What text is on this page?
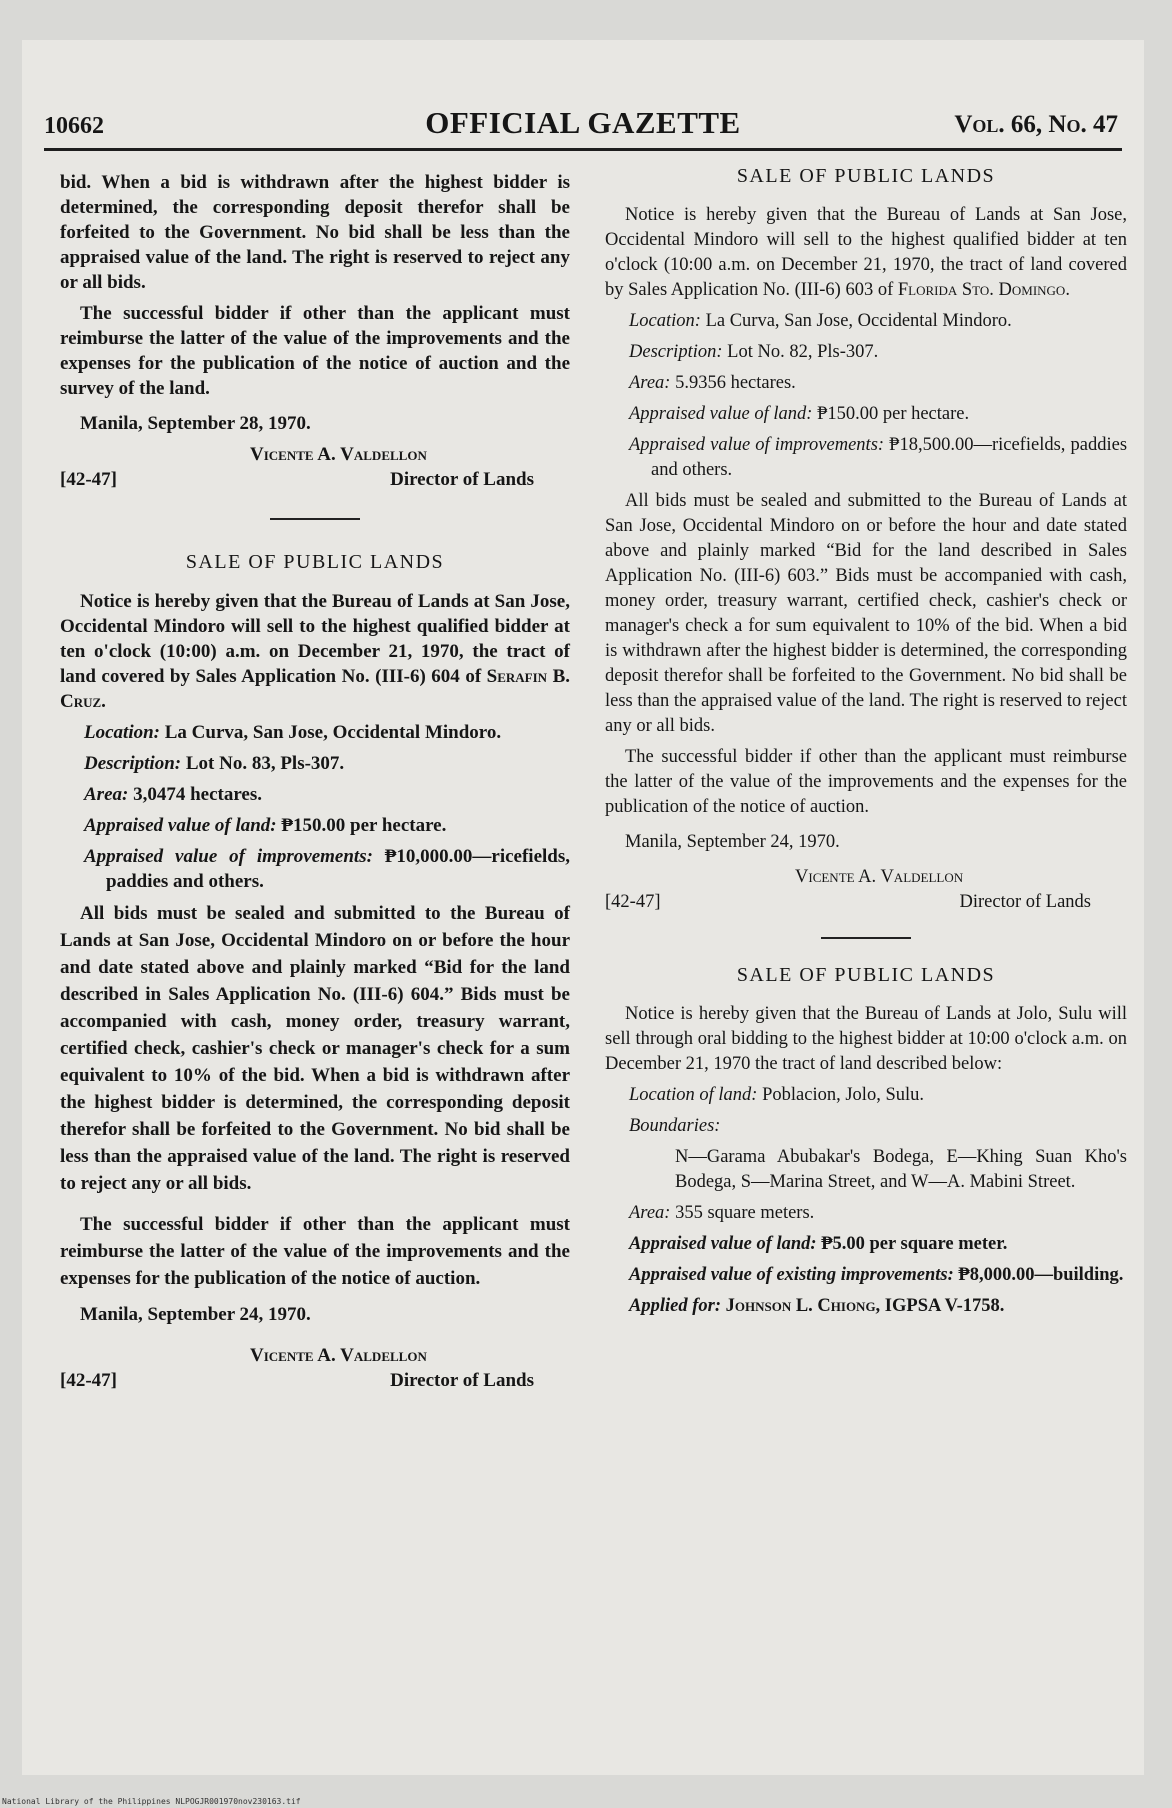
10662	OFFICIAL GAZETTE	Vol. 66, No. 47

bid. When a bid is withdrawn after the highest bidder is determined, the corresponding deposit therefor shall be forfeited to the Government. No bid shall be less than the appraised value of the land. The right is reserved to reject any or all bids.

The successful bidder if other than the applicant must reimburse the latter of the value of the improvements and the expenses for the publication of the notice of auction and the survey of the land.

Manila, September 28, 1970.

Vicente A. Valdellon

[42-47]	Director of Lands
SALE OF PUBLIC LANDS

Notice is hereby given that the Bureau of Lands at San Jose, Occidental Mindoro will sell to the highest qualified bidder at ten o'clock (10:00) a.m. on December 21, 1970, the tract of land covered by Sales Application No. (III-6) 604 of Serafin B. Cruz.

Location: La Curva, San Jose, Occidental Mindoro.

Description: Lot No. 83, Pls-307.

Area: 3,0474 hectares.

Appraised value of land: ₱150.00 per hectare.

Appraised value of improvements: ₱10,000.00—ricefields, paddies and others.

All bids must be sealed and submitted to the Bureau of Lands at San Jose, Occidental Mindoro on or before the hour and date stated above and plainly marked “Bid for the land described in Sales Application No. (III-6) 604.” Bids must be accompanied with cash, money order, treasury warrant, certified check, cashier's check or manager's check for a sum equivalent to 10% of the bid. When a bid is withdrawn after the highest bidder is determined, the corresponding deposit therefor shall be forfeited to the Government. No bid shall be less than the appraised value of the land. The right is reserved to reject any or all bids.

The successful bidder if other than the applicant must reimburse the latter of the value of the improvements and the expenses for the publication of the notice of auction.

Manila, September 24, 1970.

Vicente A. Valdellon

[42-47]	Director of Lands
SALE OF PUBLIC LANDS

Notice is hereby given that the Bureau of Lands at San Jose, Occidental Mindoro will sell to the highest qualified bidder at ten o'clock (10:00 a.m. on December 21, 1970, the tract of land covered by Sales Application No. (III-6) 603 of Florida Sto. Domingo.

Location: La Curva, San Jose, Occidental Mindoro.

Description: Lot No. 82, Pls-307.

Area: 5.9356 hectares.

Appraised value of land: ₱150.00 per hectare.

Appraised value of improvements: ₱18,500.00—ricefields, paddies and others.

All bids must be sealed and submitted to the Bureau of Lands at San Jose, Occidental Mindoro on or before the hour and date stated above and plainly marked “Bid for the land described in Sales Application No. (III-6) 603.” Bids must be accompanied with cash, money order, treasury warrant, certified check, cashier's check or manager's check a for sum equivalent to 10% of the bid. When a bid is withdrawn after the highest bidder is determined, the corresponding deposit therefor shall be forfeited to the Government. No bid shall be less than the appraised value of the land. The right is reserved to reject any or all bids.

The successful bidder if other than the applicant must reimburse the latter of the value of the improvements and the expenses for the publication of the notice of auction.

Manila, September 24, 1970.

Vicente A. Valdellon

[42-47]	Director of Lands
SALE OF PUBLIC LANDS

Notice is hereby given that the Bureau of Lands at Jolo, Sulu will sell through oral bidding to the highest bidder at 10:00 o'clock a.m. on December 21, 1970 the tract of land described below:

Location of land: Poblacion, Jolo, Sulu.

Boundaries:

N—Garama Abubakar's Bodega, E—Khing Suan Kho's Bodega, S—Marina Street, and W—A. Mabini Street.

Area: 355 square meters.

Appraised value of land: ₱5.00 per square meter.

Appraised value of existing improvements: ₱8,000.00—building.

Applied for: Johnson L. Chiong, IGPSA V-1758.

National Library of the Philippines NLPOGJR001970nov230163.tif
